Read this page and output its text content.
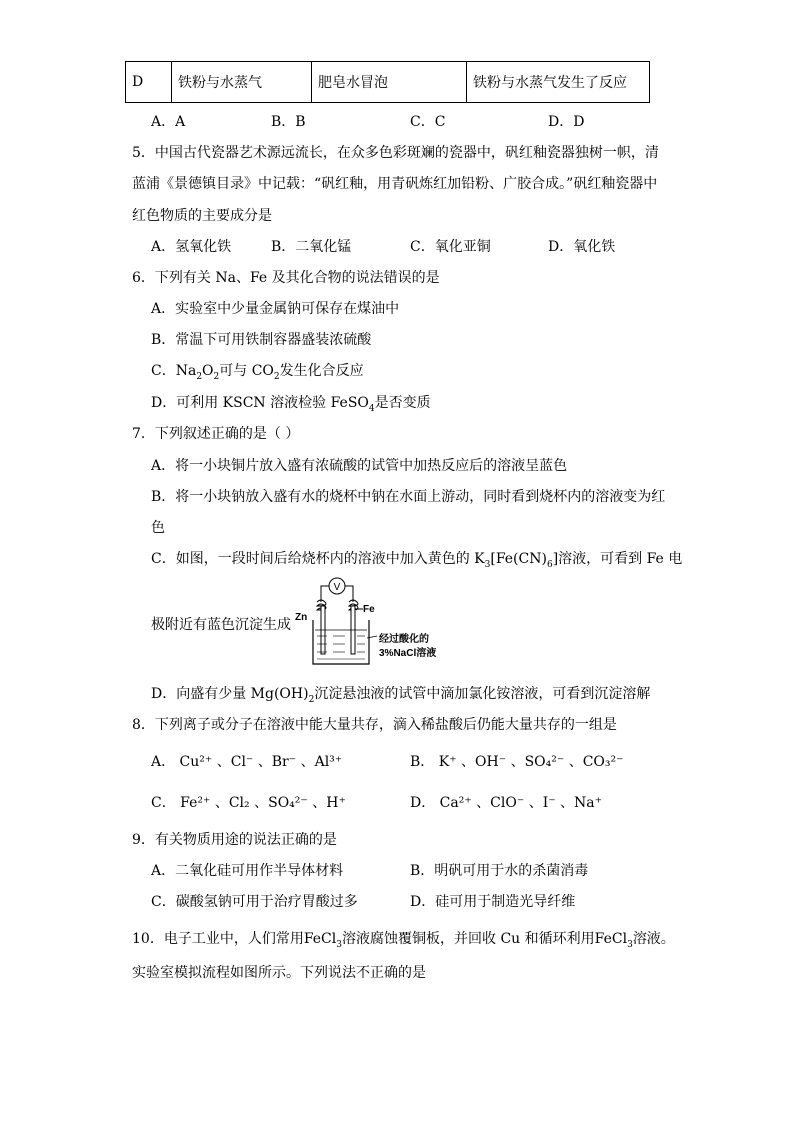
D	铁粉与水蒸气	肥皂水冒泡	铁粉与水蒸气发生了反应
A．A	B．B	C．C	D．D
5．中国古代瓷器艺术源远流长，在众多色彩斑斓的瓷器中，矾红釉瓷器独树一帜，清
蓝浦《景德镇目录》中记载：“矾红釉，用青矾炼红加铅粉、广胶合成。”矾红釉瓷器中
红色物质的主要成分是
A．氢氧化铁	B．二氧化锰	C．氧化亚铜	D．氧化铁
6．下列有关 Na、Fe 及其化合物的说法错误的是
A．实验室中少量金属钠可保存在煤油中
B．常温下可用铁制容器盛装浓硫酸
C．$Na_2O_2$可与 $CO_2$发生化合反应
D．可利用 KSCN 溶液检验 FeSO$_4$是否变质
7．下列叙述正确的是（ ）
A．将一小块铜片放入盛有浓硫酸的试管中加热反应后的溶液呈蓝色
B．将一小块钠放入盛有水的烧杯中钠在水面上游动，同时看到烧杯内的溶液变为红
色
C．如图，一段时间后给烧杯内的溶液中加入黄色的 $K_3[Fe(CN)_6]$溶液，可看到 Fe 电
极附近有蓝色沉淀生成
V
Zn
Fe
经过酸化的
3%NaCl溶液
D．向盛有少量 $Mg(OH)_2$沉淀悬浊液的试管中滴加氯化铵溶液，可看到沉淀溶解
8．下列离子或分子在溶液中能大量共存，滴入稀盐酸后仍能大量共存的一组是
A． Cu²⁺ 、Cl⁻ 、Br⁻ 、Al³⁺	B． K⁺ 、OH⁻ 、SO₄²⁻ 、CO₃²⁻
C． Fe²⁺ 、Cl₂ 、SO₄²⁻ 、H⁺	D． Ca²⁺ 、ClO⁻ 、I⁻ 、Na⁺
9．有关物质用途的说法正确的是
A．二氧化硅可用作半导体材料	B．明矾可用于水的杀菌消毒
C．碳酸氢钠可用于治疗胃酸过多	D．硅可用于制造光导纤维
10．电子工业中，人们常用FeCl$_3$溶液腐蚀覆铜板，并回收 Cu 和循环利用FeCl$_3$溶液。
实验室模拟流程如图所示。下列说法不正确的是
